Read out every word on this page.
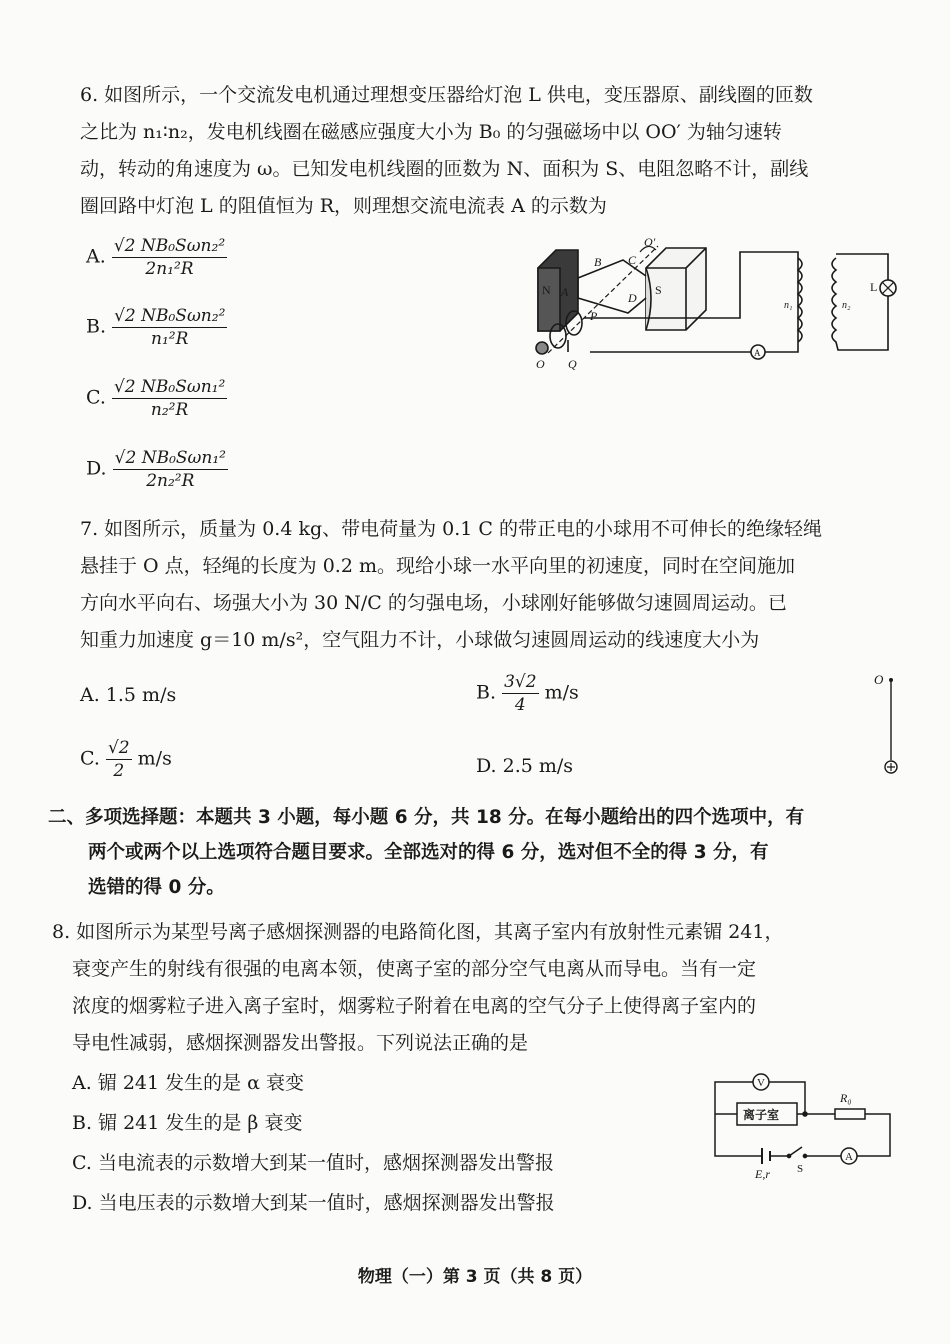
6. 如图所示，一个交流发电机通过理想变压器给灯泡 L 供电，变压器原、副线圈的匝数
之比为 n₁∶n₂，发电机线圈在磁感应强度大小为 B₀ 的匀强磁场中以 OO′ 为轴匀速转
动，转动的角速度为 ω。已知发电机线圈的匝数为 N、面积为 S、电阻忽略不计，副线
圈回路中灯泡 L 的阻值恒为 R，则理想交流电流表 A 的示数为
A. $\frac{\text{√2 NB₀Sωn₂²}}{\text{2n₁²R}}$
B. $\frac{\text{√2 NB₀Sωn₂²}}{\text{n₁²R}}$
C. $\frac{\text{√2 NB₀Sωn₁²}}{\text{n₂²R}}$
D. $\frac{\text{√2 NB₀Sωn₁²}}{\text{2n₂²R}}$
N A
B C
D
S
O′
P
O Q
n₁	n₂
L
A
7. 如图所示，质量为 0.4 kg、带电荷量为 0.1 C 的带正电的小球用不可伸长的绝缘轻绳
悬挂于 O 点，轻绳的长度为 0.2 m。现给小球一水平向里的初速度，同时在空间施加
方向水平向右、场强大小为 30 N/C 的匀强电场，小球刚好能够做匀速圆周运动。已
知重力加速度 g＝10 m/s²，空气阻力不计，小球做匀速圆周运动的线速度大小为
A. 1.5 m/s	B. $\frac{3√2}{4} m/s$
C. $\frac{√2}{2} m/s$	D. 2.5 m/s
O
二、多项选择题：本题共 3 小题，每小题 6 分，共 18 分。在每小题给出的四个选项中，有
两个或两个以上选项符合题目要求。全部选对的得 6 分，选对但不全的得 3 分，有
选错的得 0 分。
8. 如图所示为某型号离子感烟探测器的电路简化图，其离子室内有放射性元素镅 241，
衰变产生的射线有很强的电离本领，使离子室的部分空气电离从而导电。当有一定
浓度的烟雾粒子进入离子室时，烟雾粒子附着在电离的空气分子上使得离子室内的
导电性减弱，感烟探测器发出警报。下列说法正确的是
A. 镅 241 发生的是 α 衰变
B. 镅 241 发生的是 β 衰变
C. 当电流表的示数增大到某一值时，感烟探测器发出警报
D. 当电压表的示数增大到某一值时，感烟探测器发出警报
V
离子室
R₀
E,r S
A
物理（一）第 3 页（共 8 页）
